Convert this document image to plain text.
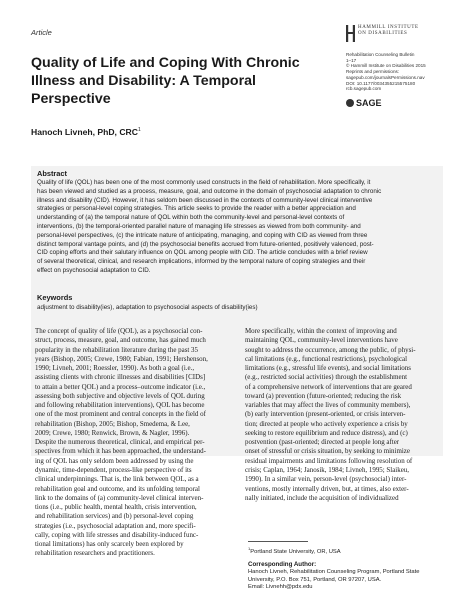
Article
HAMMILL INSTITUTE
ON DISABILITIES
Rehabilitation Counseling Bulletin
1–17
© Hammill Institute on Disabilities 2015
Reprints and permissions:
sagepub.com/journalsPermissions.nav
DOI: 10.1177/0034355215575180
rcb.sagepub.com
SAGE
Quality of Life and Coping With Chronic
Illness and Disability: A Temporal
Perspective
Hanoch Livneh, PhD, CRC$^1$
Abstract
Quality of life (QOL) has been one of the most commonly used constructs in the field of rehabilitation. More specifically, it
has been viewed and studied as a process, measure, goal, and outcome in the domain of psychosocial adaptation to chronic
illness and disability (CID). However, it has seldom been discussed in the contexts of community-level clinical interventive
strategies or personal-level coping strategies. This article seeks to provide the reader with a better appreciation and
understanding of (a) the temporal nature of QOL within both the community-level and personal-level contexts of
interventions, (b) the temporal-oriented parallel nature of managing life stresses as viewed from both community- and
personal-level perspectives, (c) the intricate nature of anticipating, managing, and coping with CID as viewed from three
distinct temporal vantage points, and (d) the psychosocial benefits accrued from future-oriented, positively valenced, post-
CID coping efforts and their salutary influence on QOL among people with CID. The article concludes with a brief review
of several theoretical, clinical, and research implications, informed by the temporal nature of coping strategies and their
effect on psychosocial adaptation to CID.
Keywords
adjustment to disability(ies), adaptation to psychosocial aspects of disability(ies)
The concept of quality of life (QOL), as a psychosocial con-
struct, process, measure, goal, and outcome, has gained much
popularity in the rehabilitation literature during the past 35
years (Bishop, 2005; Crewe, 1980; Fabian, 1991; Hershenson,
1990; Livneh, 2001; Roessler, 1990). As both a goal (i.e.,
assisting clients with chronic illnesses and disabilities [CIDs]
to attain a better QOL) and a process–outcome indicator (i.e.,
assessing both subjective and objective levels of QOL during
and following rehabilitation interventions), QOL has become
one of the most prominent and central concepts in the field of
rehabilitation (Bishop, 2005; Bishop, Smedema, & Lee,
2009; Crewe, 1980; Renwick, Brown, & Nagler, 1996).
Despite the numerous theoretical, clinical, and empirical per-
spectives from which it has been approached, the understand-
ing of QOL has only seldom been addressed by using the
dynamic, time-dependent, process-like perspective of its
clinical underpinnings. That is, the link between QOL, as a
rehabilitation goal and outcome, and its unfolding temporal
link to the domains of (a) community-level clinical interven-
tions (i.e., public health, mental health, crisis intervention,
and rehabilitation services) and (b) personal-level coping
strategies (i.e., psychosocial adaptation and, more specifi-
cally, coping with life stresses and disability-induced func-
tional limitations) has only scarcely been explored by
rehabilitation researchers and practitioners.
More specifically, within the context of improving and
maintaining QOL, community-level interventions have
sought to address the occurrence, among the public, of physi-
cal limitations (e.g., functional restrictions), psychological
limitations (e.g., stressful life events), and social limitations
(e.g., restricted social activities) through the establishment
of a comprehensive network of interventions that are geared
toward (a) prevention (future-oriented; reducing the risk
variables that may affect the lives of community members),
(b) early intervention (present-oriented, or crisis interven-
tion; directed at people who actively experience a crisis by
seeking to restore equilibrium and reduce distress), and (c)
postvention (past-oriented; directed at people long after
onset of stressful or crisis situation, by seeking to minimize
residual impairments and limitations following resolution of
crisis; Caplan, 1964; Janosik, 1984; Livneh, 1995; Slaikeu,
1990). In a similar vein, person-level (psychosocial) inter-
ventions, mostly internally driven, but, at times, also exter-
nally initiated, include the acquisition of individualized
$^1$Portland State University, OR, USA
Corresponding Author:
Hanoch Livneh, Rehabilitation Counseling Program, Portland State
University, P.O. Box 751, Portland, OR 97207, USA.
Email: Livnehh@pdx.edu
